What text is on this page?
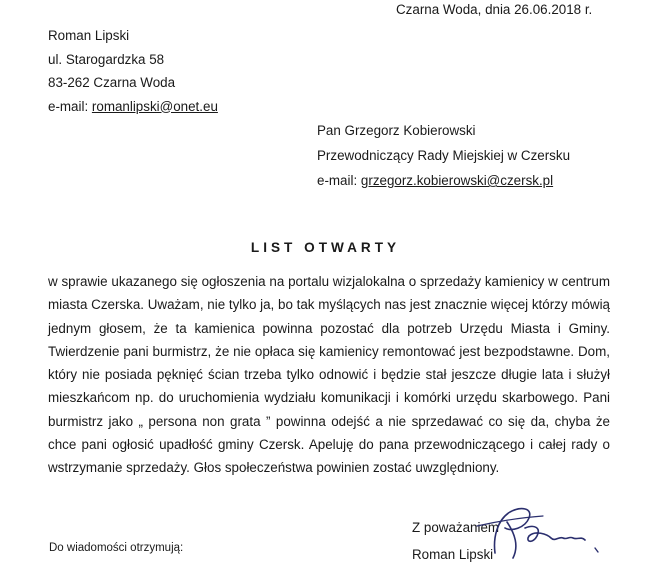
Czarna Woda, dnia 26.06.2018 r.
Roman Lipski
ul. Starogardzka 58
83-262 Czarna Woda
e-mail: romanlipski@onet.eu
Pan Grzegorz Kobierowski
Przewodniczący Rady Miejskiej w Czersku
e-mail: grzegorz.kobierowski@czersk.pl
LIST OTWARTY
w sprawie ukazanego się ogłoszenia na portalu wizjalokalna o sprzedaży kamienicy w centrum miasta Czerska. Uważam, nie tylko ja, bo tak myślących nas jest znacznie więcej którzy mówią jednym głosem, że ta kamienica powinna pozostać dla potrzeb Urzędu Miasta i Gminy. Twierdzenie pani burmistrz, że nie opłaca się kamienicy remontować jest bezpodstawne. Dom, który nie posiada pęknięć ścian trzeba tylko odnowić i będzie stał jeszcze długie lata i służył mieszkańcom np. do uruchomienia wydziału komunikacji i komórki urzędu skarbowego. Pani burmistrz jako „ persona non grata ” powinna odejść a nie sprzedawać co się da, chyba że chce pani ogłosić upadłość gminy Czersk. Apeluję do pana przewodniczącego i całej rady o wstrzymanie sprzedaży. Głos społeczeństwa powinien zostać uwzględniony.
Z poważaniem
Roman Lipski
Do wiadomości otrzymują:
